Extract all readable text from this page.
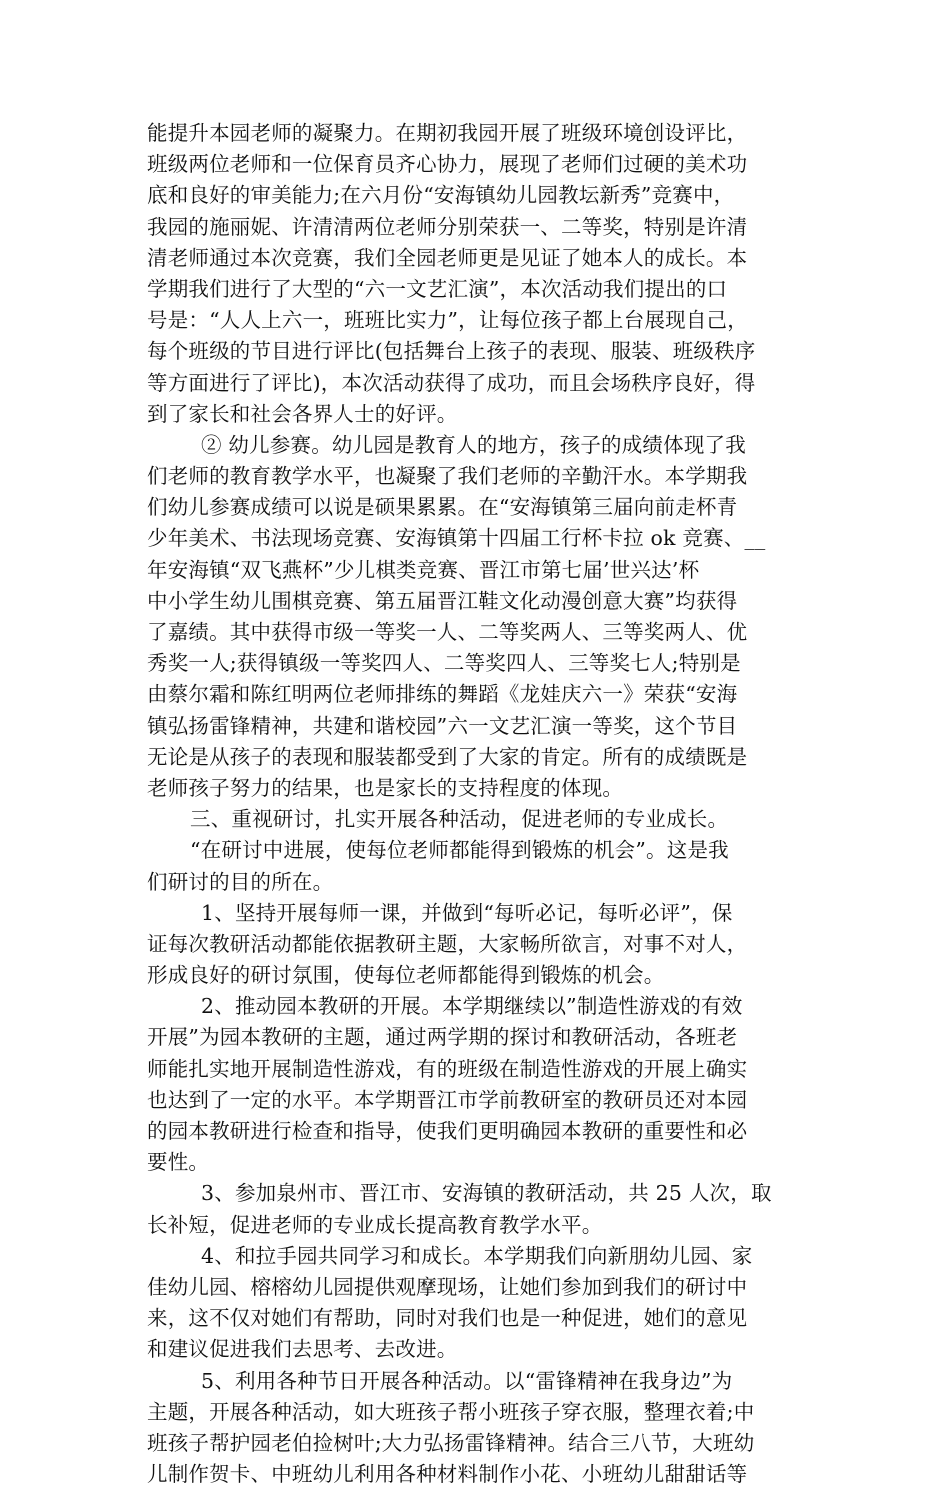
能提升本园老师的凝聚力。在期初我园开展了班级环境创设评比，
班级两位老师和一位保育员齐心协力，展现了老师们过硬的美术功
底和良好的审美能力;在六月份“安海镇幼儿园教坛新秀”竞赛中，
我园的施丽妮、许清清两位老师分别荣获一、二等奖，特别是许清
清老师通过本次竞赛，我们全园老师更是见证了她本人的成长。本
学期我们进行了大型的“六一文艺汇演”，本次活动我们提出的口
号是：“人人上六一，班班比实力”，让每位孩子都上台展现自己，
每个班级的节目进行评比(包括舞台上孩子的表现、服装、班级秩序
等方面进行了评比)，本次活动获得了成功，而且会场秩序良好，得
到了家长和社会各界人士的好评。
② 幼儿参赛。幼儿园是教育人的地方，孩子的成绩体现了我
们老师的教育教学水平，也凝聚了我们老师的辛勤汗水。本学期我
们幼儿参赛成绩可以说是硕果累累。在“安海镇第三届向前走杯青
少年美术、书法现场竞赛、安海镇第十四届工行杯卡拉 ok 竞赛、__
年安海镇“双飞燕杯”少儿棋类竞赛、晋江市第七届’世兴达’杯
中小学生幼儿围棋竞赛、第五届晋江鞋文化动漫创意大赛”均获得
了嘉绩。其中获得市级一等奖一人、二等奖两人、三等奖两人、优
秀奖一人;获得镇级一等奖四人、二等奖四人、三等奖七人;特别是
由蔡尔霜和陈红明两位老师排练的舞蹈《龙娃庆六一》荣获“安海
镇弘扬雷锋精神，共建和谐校园”六一文艺汇演一等奖，这个节目
无论是从孩子的表现和服装都受到了大家的肯定。所有的成绩既是
老师孩子努力的结果，也是家长的支持程度的体现。
三、重视研讨，扎实开展各种活动，促进老师的专业成长。
“在研讨中进展，使每位老师都能得到锻炼的机会”。这是我
们研讨的目的所在。
1、坚持开展每师一课，并做到“每听必记，每听必评”，保
证每次教研活动都能依据教研主题，大家畅所欲言，对事不对人，
形成良好的研讨氛围，使每位老师都能得到锻炼的机会。
2、推动园本教研的开展。本学期继续以”制造性游戏的有效
开展”为园本教研的主题，通过两学期的探讨和教研活动，各班老
师能扎实地开展制造性游戏，有的班级在制造性游戏的开展上确实
也达到了一定的水平。本学期晋江市学前教研室的教研员还对本园
的园本教研进行检查和指导，使我们更明确园本教研的重要性和必
要性。
3、参加泉州市、晋江市、安海镇的教研活动，共 25 人次，取
长补短，促进老师的专业成长提高教育教学水平。
4、和拉手园共同学习和成长。本学期我们向新朋幼儿园、家
佳幼儿园、榕榕幼儿园提供观摩现场，让她们参加到我们的研讨中
来，这不仅对她们有帮助，同时对我们也是一种促进，她们的意见
和建议促进我们去思考、去改进。
5、利用各种节日开展各种活动。以“雷锋精神在我身边”为
主题，开展各种活动，如大班孩子帮小班孩子穿衣服，整理衣着;中
班孩子帮护园老伯捡树叶;大力弘扬雷锋精神。结合三八节，大班幼
儿制作贺卡、中班幼儿利用各种材料制作小花、小班幼儿甜甜话等
